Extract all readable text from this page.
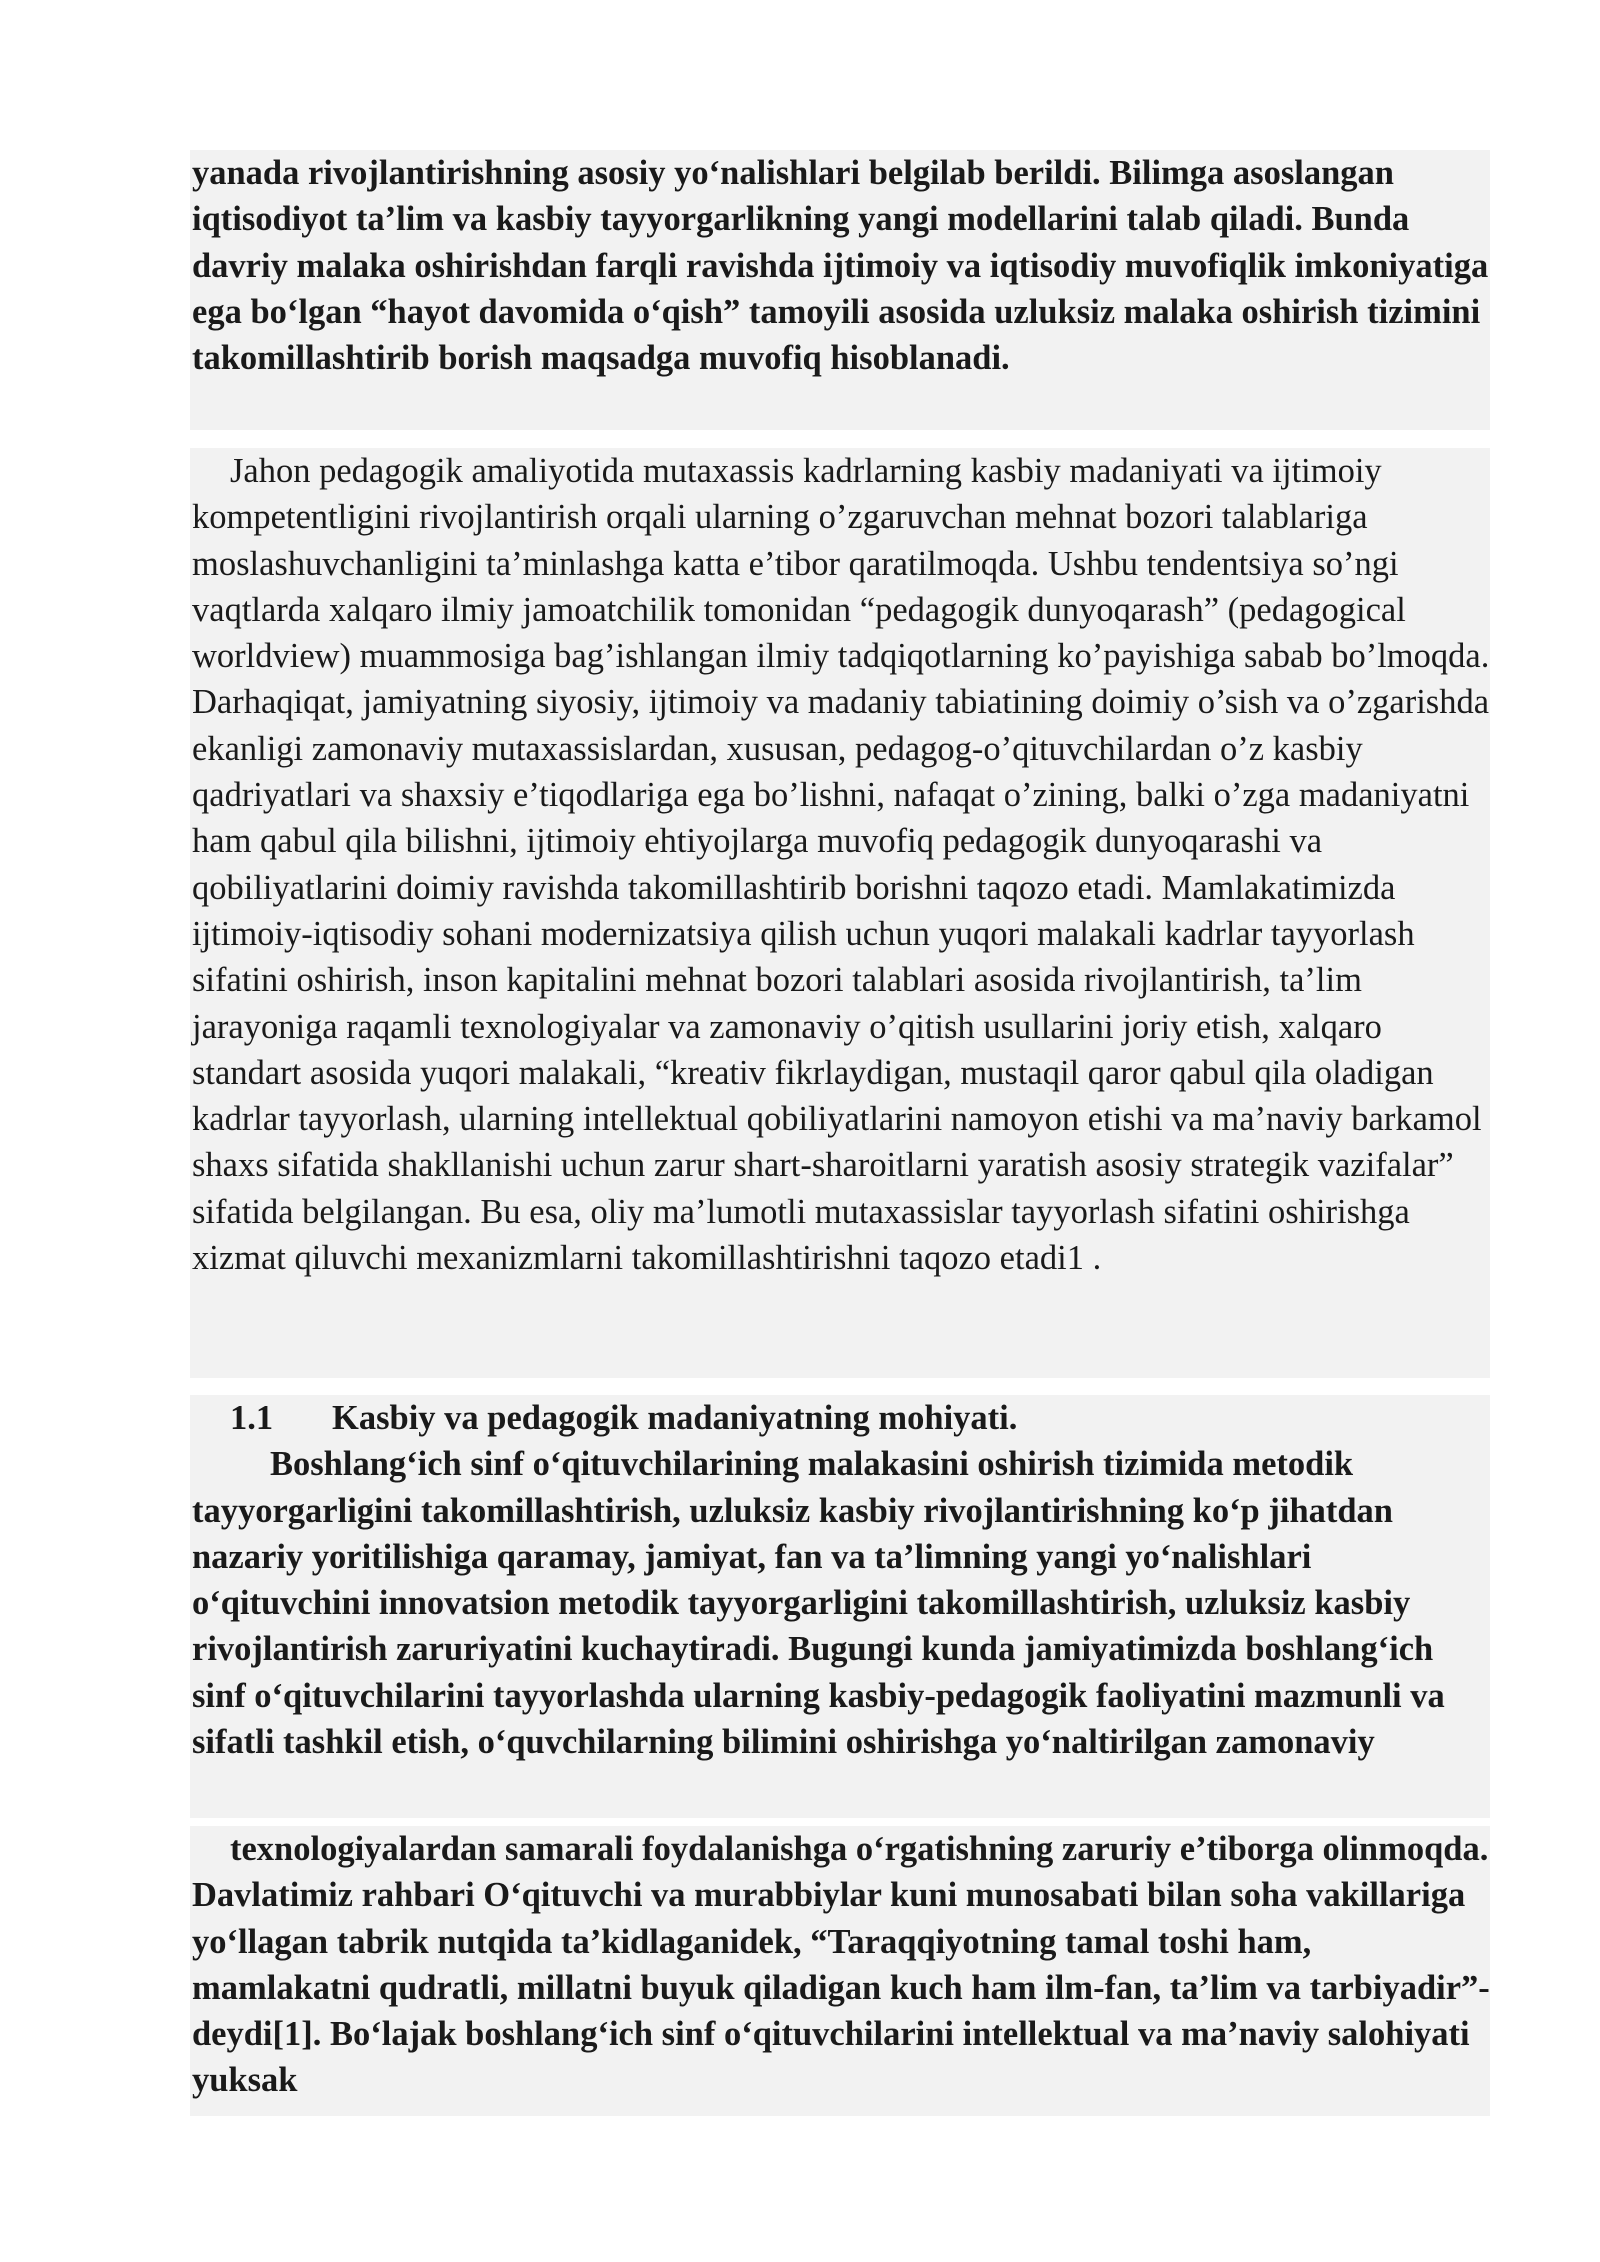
yanada rivojlantirishning asosiy yo‘nalishlari belgilab berildi. Bilimga asoslangan iqtisodiyot ta’lim va kasbiy tayyorgarlikning yangi modellarini talab qiladi. Bunda davriy malaka oshirishdan farqli ravishda ijtimoiy va iqtisodiy muvofiqlik imkoniyatiga ega bo‘lgan “hayot davomida o‘qish” tamoyili asosida uzluksiz malaka oshirish tizimini takomillashtirib borish maqsadga muvofiq hisoblanadi.

Jahon pedagogik amaliyotida mutaxassis kadrlarning kasbiy madaniyati va ijtimoiy kompetentligini rivojlantirish orqali ularning o’zgaruvchan mehnat bozori talablariga moslashuvchanligini ta’minlashga katta e’tibor qaratilmoqda. Ushbu tendentsiya so’ngi vaqtlarda xalqaro ilmiy jamoatchilik tomonidan “pedagogik dunyoqarash” (pedagogical worldview) muammosiga bag’ishlangan ilmiy tadqiqotlarning ko’payishiga sabab bo’lmoqda. Darhaqiqat, jamiyatning siyosiy, ijtimoiy va madaniy tabiatining doimiy o’sish va o’zgarishda ekanligi zamonaviy mutaxassislardan, xususan, pedagog-o’qituvchilardan o’z kasbiy qadriyatlari va shaxsiy e’tiqodlariga ega bo’lishni, nafaqat o’zining, balki o’zga madaniyatni ham qabul qila bilishni, ijtimoiy ehtiyojlarga muvofiq pedagogik dunyoqarashi va qobiliyatlarini doimiy ravishda takomillashtirib borishni taqozo etadi. Mamlakatimizda ijtimoiy-iqtisodiy sohani modernizatsiya qilish uchun yuqori malakali kadrlar tayyorlash sifatini oshirish, inson kapitalini mehnat bozori talablari asosida rivojlantirish, ta’lim jarayoniga raqamli texnologiyalar va zamonaviy o’qitish usullarini joriy etish, xalqaro standart asosida yuqori malakali, “kreativ fikrlaydigan, mustaqil qaror qabul qila oladigan kadrlar tayyorlash, ularning intellektual qobiliyatlarini namoyon etishi va ma’naviy barkamol shaxs sifatida shakllanishi uchun zarur shart-sharoitlarni yaratish asosiy strategik vazifalar” sifatida belgilangan. Bu esa, oliy ma’lumotli mutaxassislar tayyorlash sifatini oshirishga xizmat qiluvchi mexanizmlarni takomillashtirishni taqozo etadi1 .

1.1	Kasbiy va pedagogik madaniyatning mohiyati.

Boshlang‘ich sinf o‘qituvchilarining malakasini oshirish tizimida metodik tayyorgarligini takomillashtirish, uzluksiz kasbiy rivojlantirishning ko‘p jihatdan nazariy yoritilishiga qaramay, jamiyat, fan va ta’limning yangi yo‘nalishlari o‘qituvchini innovatsion metodik tayyorgarligini takomillashtirish, uzluksiz kasbiy rivojlantirish zaruriyatini kuchaytiradi. Bugungi kunda jamiyatimizda boshlang‘ich sinf o‘qituvchilarini tayyorlashda ularning kasbiy-pedagogik faoliyatini mazmunli va sifatli tashkil etish, o‘quvchilarning bilimini oshirishga yo‘naltirilgan zamonaviy

texnologiyalardan samarali foydalanishga o‘rgatishning zaruriy e’tiborga olinmoqda. Davlatimiz rahbari O‘qituvchi va murabbiylar kuni munosabati bilan soha vakillariga yo‘llagan tabrik nutqida ta’kidlaganidek, “Taraqqiyotning tamal toshi ham, mamlakatni qudratli, millatni buyuk qiladigan kuch ham ilm-fan, ta’lim va tarbiyadir”-deydi[1]. Bo‘lajak boshlang‘ich sinf o‘qituvchilarini intellektual va ma’naviy salohiyati yuksak
